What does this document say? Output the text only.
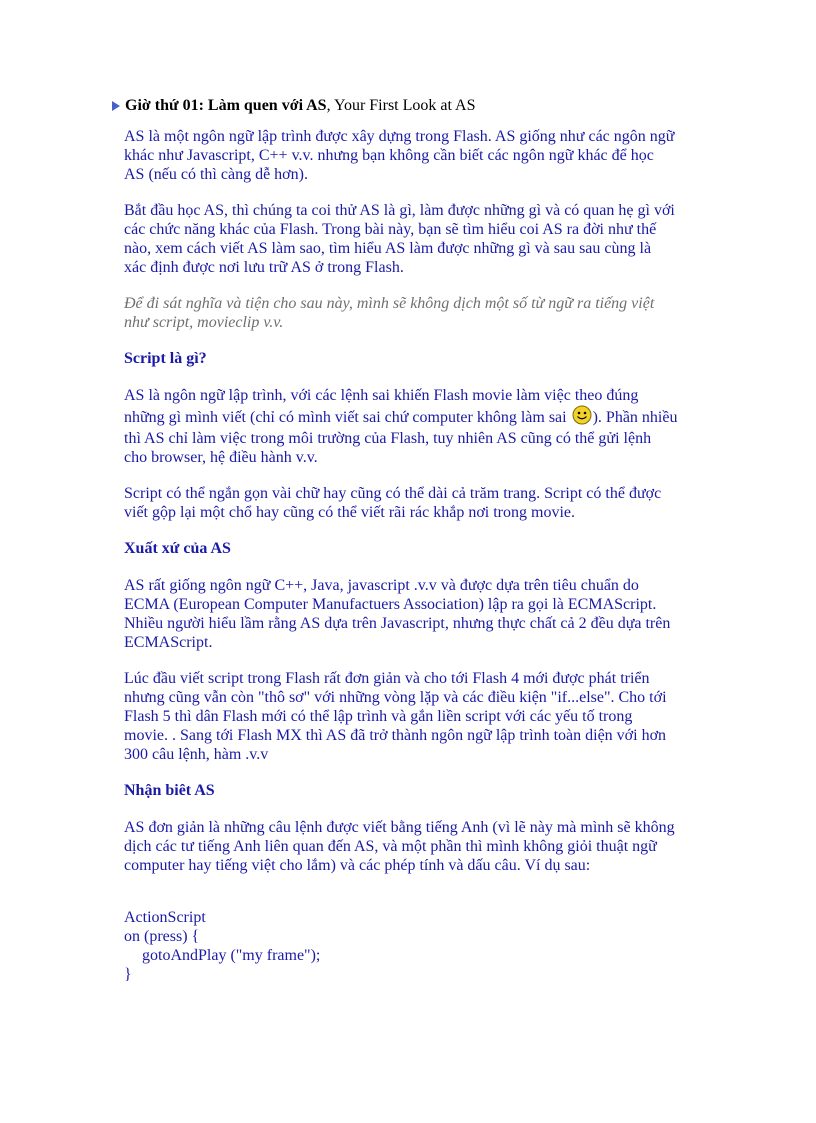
Giờ thứ 01: Làm quen với AS , Your First Look at AS
AS là một ngôn ngữ lập trình được xây dựng trong Flash. AS giống như các ngôn ngữ
khác như Javascript, C++ v.v. nhưng bạn không cần biết các ngôn ngữ khác để học
AS (nếu có thì càng dễ hơn).
Bắt đầu học AS, thì chúng ta coi thử AS là gì, làm được những gì và có quan hẹ gì với
các chức năng khác của Flash. Trong bài này, bạn sẽ tìm hiểu coi AS ra đời như thế
nào, xem cách viết AS làm sao, tìm hiểu AS làm được những gì và sau sau cùng là
xác định được nơi lưu trữ AS ở trong Flash.
Để đi sát nghĩa và tiện cho sau này, mình sẽ không dịch một số từ ngữ ra tiếng việt
như script, movieclip v.v.
Script là gì?
AS là ngôn ngữ lập trình, với các lệnh sai khiến Flash movie làm việc theo đúng
những gì mình viết (chỉ có mình viết sai chứ computer không làm sai ). Phần nhiều
thì AS chỉ làm việc trong môi trường của Flash, tuy nhiên AS cũng có thể gửi lệnh
cho browser, hệ điều hành v.v.
Script có thể ngắn gọn vài chữ hay cũng có thể dài cả trăm trang. Script có thể được
viết gộp lại một chổ hay cũng có thể viết rãi rác khắp nơi trong movie.
Xuất xứ của AS
AS rất giống ngôn ngữ C++, Java, javascript .v.v và được dựa trên tiêu chuẩn do
ECMA (European Computer Manufactuers Association) lập ra gọi là ECMAScript.
Nhiều người hiểu lầm rằng AS dựa trên Javascript, nhưng thực chất cả 2 đều dựa trên
ECMAScript.
Lúc đầu viết script trong Flash rất đơn giản và cho tới Flash 4 mới được phát triển
nhưng cũng vẫn còn "thô sơ" với những vòng lặp và các điều kiện "if...else". Cho tới
Flash 5 thì dân Flash mới có thể lập trình và gắn liền script với các yếu tố trong
movie. . Sang tới Flash MX thì AS đã trở thành ngôn ngữ lập trình toàn diện với hơn
300 câu lệnh, hàm .v.v
Nhận biêt AS
AS đơn giản là những câu lệnh được viết bằng tiếng Anh (vì lẽ này mà mình sẽ không
dịch các tư tiếng Anh liên quan đến AS, và một phần thì mình không giỏi thuật ngữ
computer hay tiếng việt cho lắm) và các phép tính và dấu câu. Ví dụ sau:
ActionScript
on (press) {
gotoAndPlay ("my frame");
}
